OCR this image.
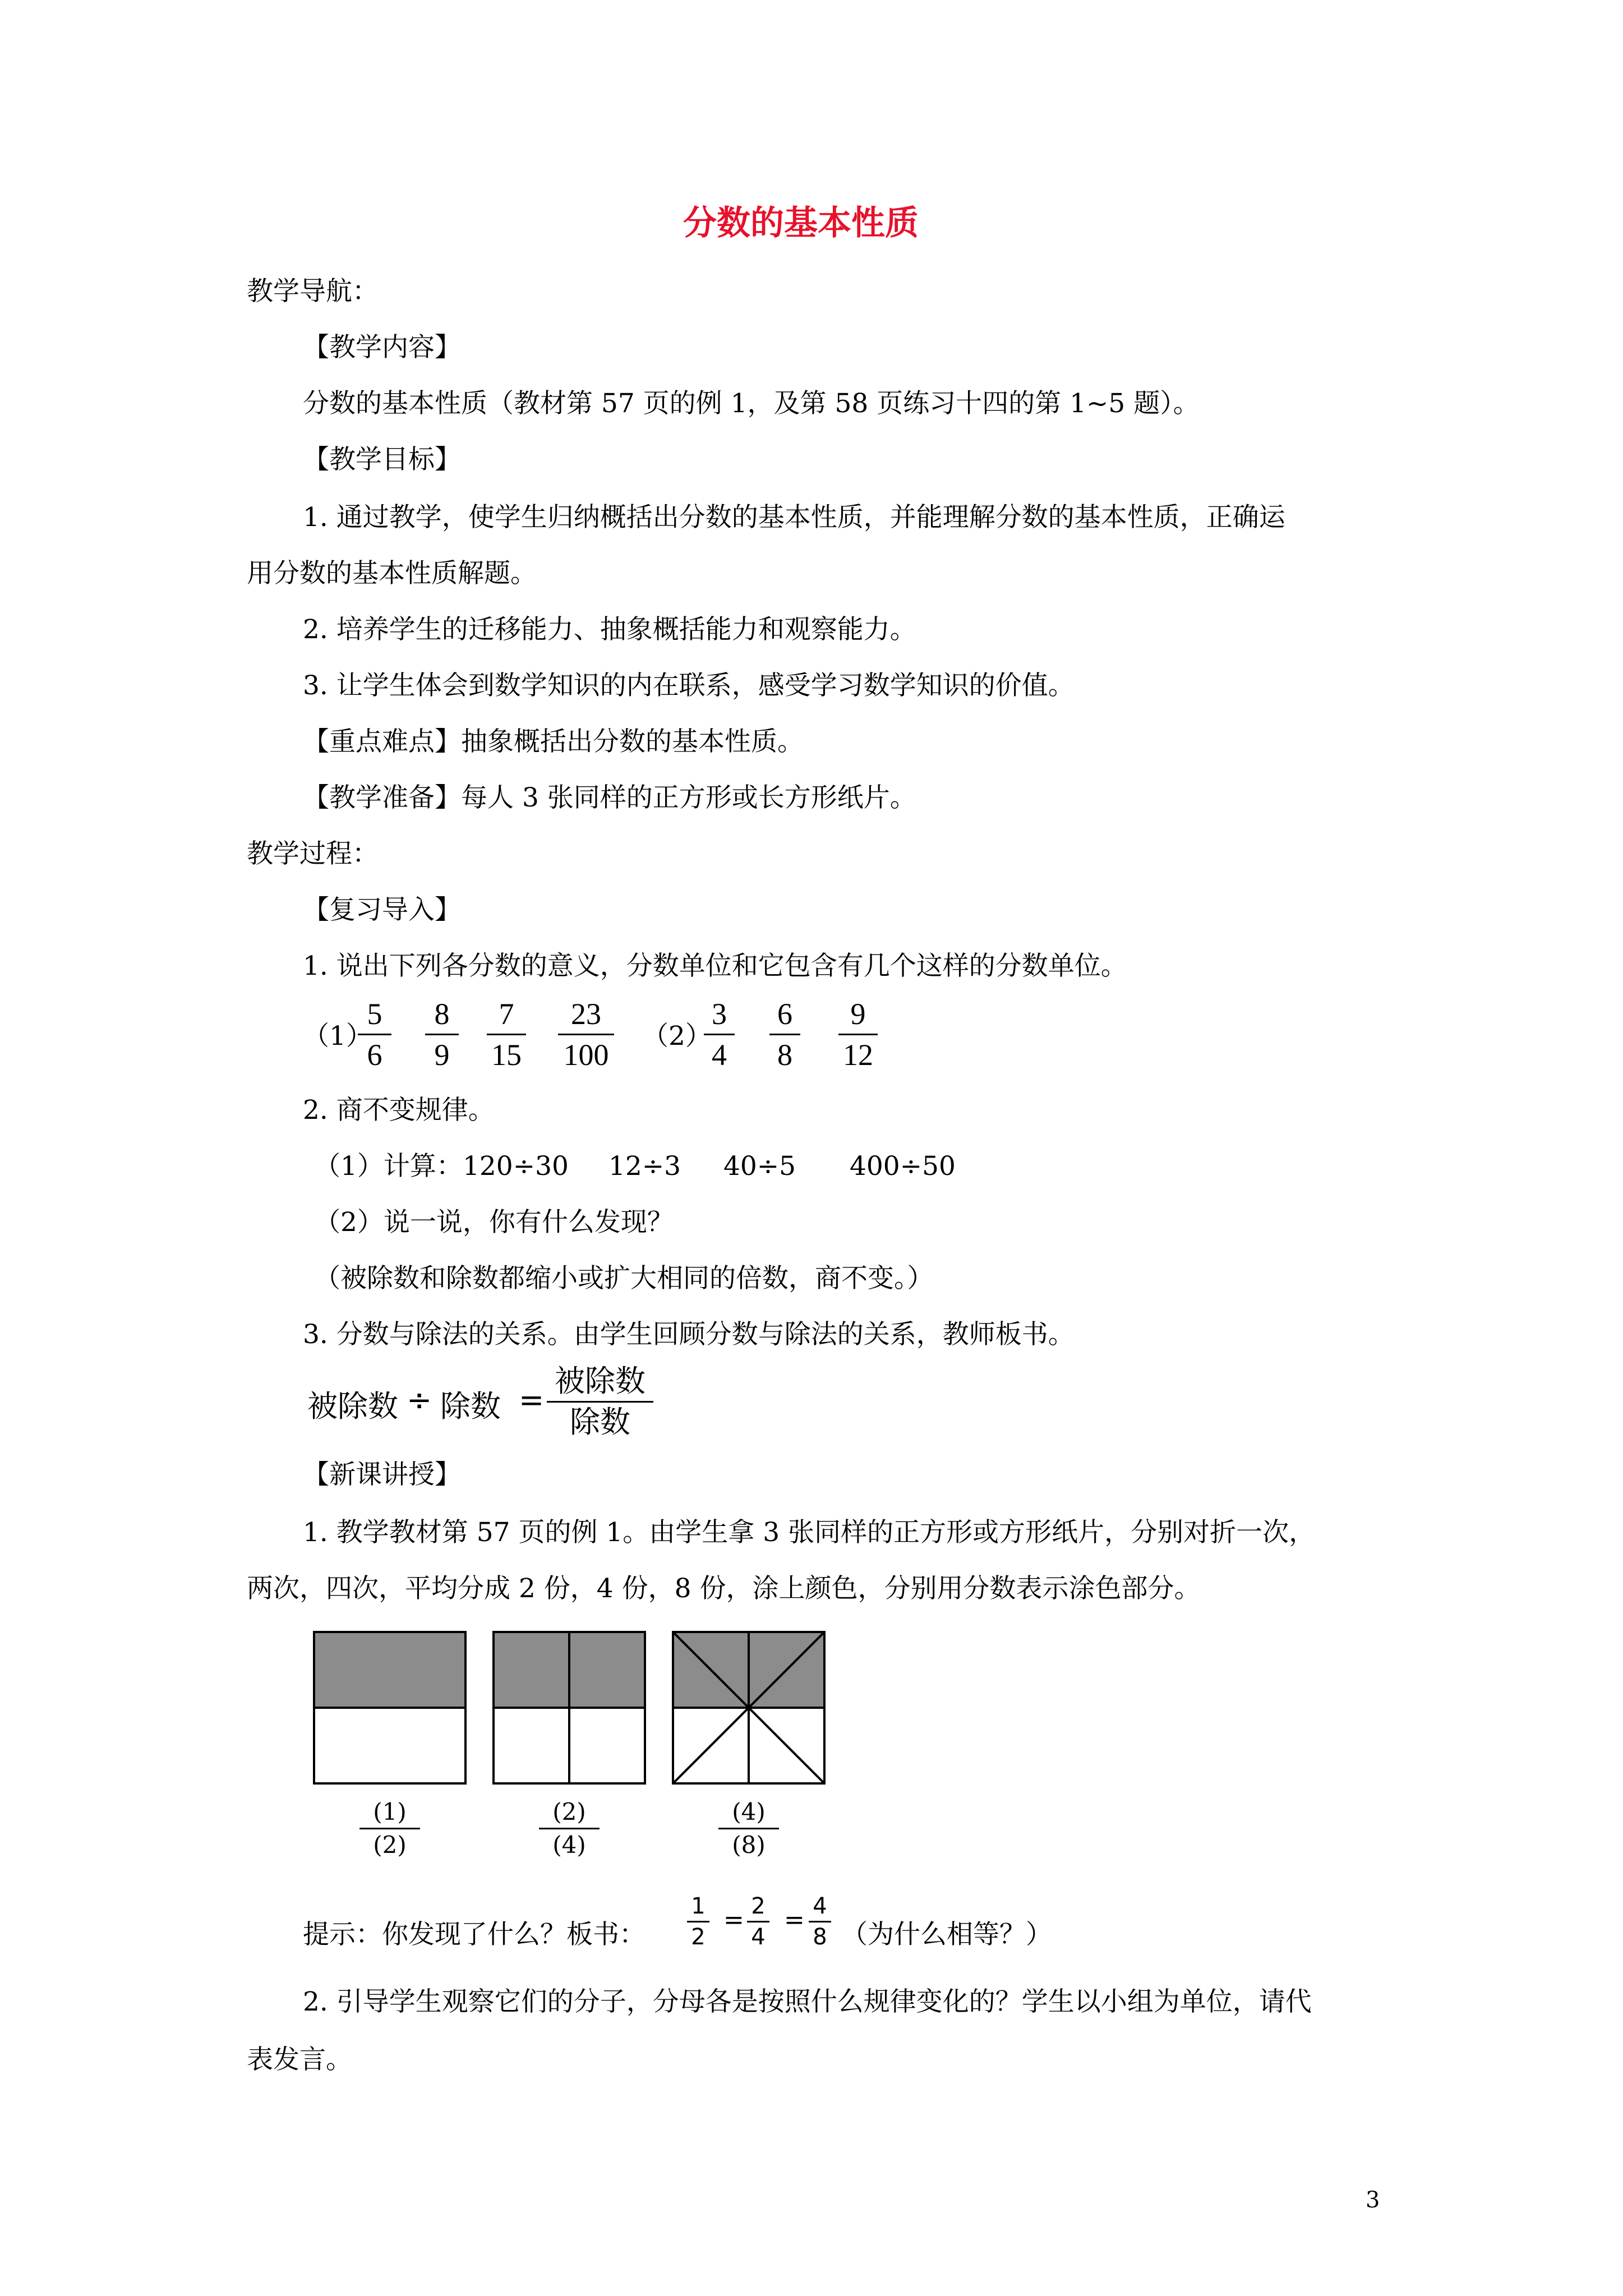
分数的基本性质
教学导航：
【教学内容】
分数的基本性质（教材第 57 页的例 1，及第 58 页练习十四的第 1~5 题）。
【教学目标】
1. 通过教学，使学生归纳概括出分数的基本性质，并能理解分数的基本性质，正确运
用分数的基本性质解题。
2. 培养学生的迁移能力、抽象概括能力和观察能力。
3. 让学生体会到数学知识的内在联系，感受学习数学知识的价值。
【重点难点】抽象概括出分数的基本性质。
【教学准备】每人 3 张同样的正方形或长方形纸片。
教学过程：
【复习导入】
1. 说出下列各分数的意义，分数单位和它包含有几个这样的分数单位。
（1）
5
6
8
9
7
15
23
100
（2）
3
4
6
8
9
12
2. 商不变规律。
（1）计算： 120÷30 12÷3 40÷5 400÷50
（2）说一说，你有什么发现？
（被除数和除数都缩小或扩大相同的倍数，商不变。）
3. 分数与除法的关系。由学生回顾分数与除法的关系，教师板书。
被除数 ÷ 除数 =
被除数
除数
【新课讲授】
1. 教学教材第 57 页的例 1。由学生拿 3 张同样的正方形或方形纸片，分别对折一次，
两次，四次，平均分成 2 份，4 份，8 份，涂上颜色，分别用分数表示涂色部分。
(1)
(2)
(2)
(4)
(4)
(8)
提示：你发现了什么？板书：
1
2
= 2
4
= 4
8 （为什么相等？）
2. 引导学生观察它们的分子，分母各是按照什么规律变化的？学生以小组为单位，请代
表发言。
3
